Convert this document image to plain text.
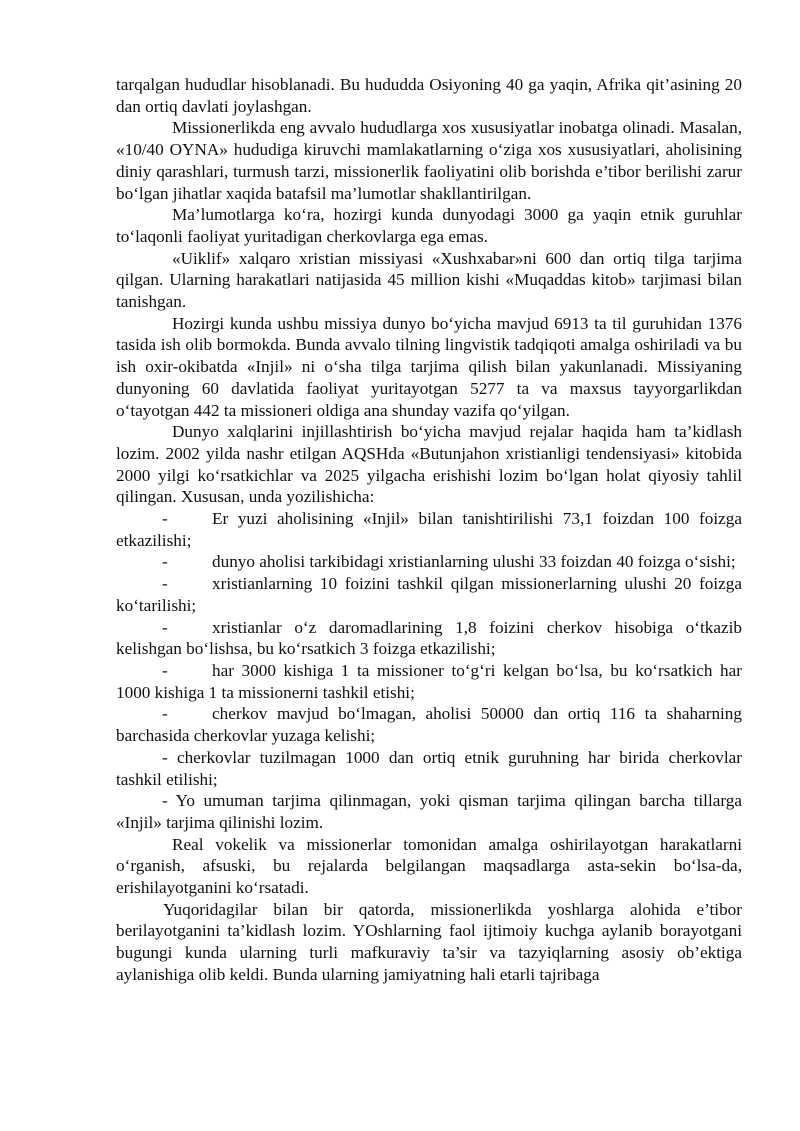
tarqalgan hududlar hisoblanadi. Bu hududda Osiyoning 40 ga yaqin, Afrika qit’asining 20 dan ortiq davlati joylashgan.

Missionerlikda eng avvalo hududlarga xos xususiyatlar inobatga olinadi. Masalan, «10/40 OYNA» hududiga kiruvchi mamlakatlarning o‘ziga xos xususiyatlari, aholisining diniy qarashlari, turmush tarzi, missionerlik faoliyatini olib borishda e’tibor berilishi zarur bo‘lgan jihatlar xaqida batafsil ma’lumotlar shakllantirilgan.

Ma’lumotlarga ko‘ra, hozirgi kunda dunyodagi 3000 ga yaqin etnik guruhlar to‘laqonli faoliyat yuritadigan cherkovlarga ega emas.

«Uiklif» xalqaro xristian missiyasi «Xushxabar»ni 600 dan ortiq tilga tarjima qilgan. Ularning harakatlari natijasida 45 million kishi «Muqaddas kitob» tarjimasi bilan tanishgan.

Hozirgi kunda ushbu missiya dunyo bo‘yicha mavjud 6913 ta til guruhidan 1376 tasida ish olib bormokda. Bunda avvalo tilning lingvistik tadqiqoti amalga oshiriladi va bu ish oxir-okibatda «Injil» ni o‘sha tilga tarjima qilish bilan yakunlanadi. Missiyaning dunyoning 60 davlatida faoliyat yuritayotgan 5277 ta va maxsus tayyorgarlikdan o‘tayotgan 442 ta missioneri oldiga ana shunday vazifa qo‘yilgan.

Dunyo xalqlarini injillashtirish bo‘yicha mavjud rejalar haqida ham ta’kidlash lozim. 2002 yilda nashr etilgan AQSHda «Butunjahon xristianligi tendensiyasi» kitobida 2000 yilgi ko‘rsatkichlar va 2025 yilgacha erishishi lozim bo‘lgan holat qiyosiy tahlil qilingan. Xususan, unda yozilishicha:

-	Er yuzi aholisining «Injil» bilan tanishtirilishi 73,1 foizdan 100 foizga etkazilishi;

-	dunyo aholisi tarkibidagi xristianlarning ulushi 33 foizdan 40 foizga o‘sishi;

-	xristianlarning 10 foizini tashkil qilgan missionerlarning ulushi 20 foizga ko‘tarilishi;

-	xristianlar o‘z daromadlarining 1,8 foizini cherkov hisobiga o‘tkazib kelishgan bo‘lishsa, bu ko‘rsatkich 3 foizga etkazilishi;

-	har 3000 kishiga 1 ta missioner to‘g‘ri kelgan bo‘lsa, bu ko‘rsatkich har 1000 kishiga 1 ta missionerni tashkil etishi;

-	cherkov mavjud bo‘lmagan, aholisi 50000 dan ortiq 116 ta shaharning barchasida cherkovlar yuzaga kelishi;

- cherkovlar tuzilmagan 1000 dan ortiq etnik guruhning har birida cherkovlar tashkil etilishi;

- Yo umuman tarjima qilinmagan, yoki qisman tarjima qilingan barcha tillarga «Injil» tarjima qilinishi lozim.

Real vokelik va missionerlar tomonidan amalga oshirilayotgan harakatlarni o‘rganish, afsuski, bu rejalarda belgilangan maqsadlarga asta-sekin bo‘lsa-da, erishilayotganini ko‘rsatadi.

Yuqoridagilar bilan bir qatorda, missionerlikda yoshlarga alohida e’tibor berilayotganini ta’kidlash lozim. YOshlarning faol ijtimoiy kuchga aylanib borayotgani bugungi kunda ularning turli mafkuraviy ta’sir va tazyiqlarning asosiy ob’ektiga aylanishiga olib keldi. Bunda ularning jamiyatning hali etarli tajribaga
